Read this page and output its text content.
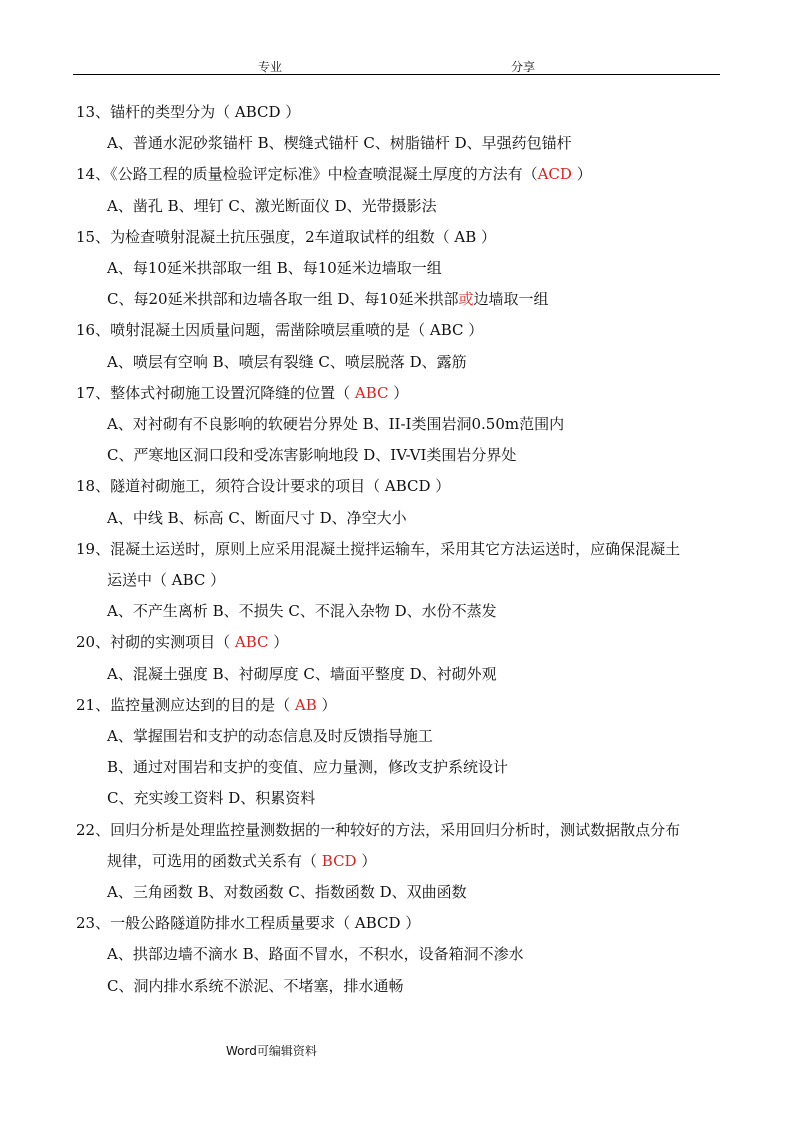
专业	分享
13、锚杆的类型分为（ ABCD ）
A、普通水泥砂浆锚杆 B、楔缝式锚杆 C、树脂锚杆 D、早强药包锚杆
14、《公路工程的质量检验评定标准》中检查喷混凝土厚度的方法有（ACD ）
A、凿孔 B、埋钉 C、激光断面仪 D、光带摄影法
15、为检查喷射混凝土抗压强度，2车道取试样的组数（ AB ）
A、每10延米拱部取一组 B、每10延米边墙取一组
C、每20延米拱部和边墙各取一组 D、每10延米拱部或边墙取一组
16、喷射混凝土因质量问题，需凿除喷层重喷的是（ ABC ）
A、喷层有空响 B、喷层有裂缝 C、喷层脱落 D、露筋
17、整体式衬砌施工设置沉降缝的位置（ ABC ）
A、对衬砌有不良影响的软硬岩分界处 B、II-I类围岩洞0.50m范围内
C、严寒地区洞口段和受冻害影响地段 D、IV-VI类围岩分界处
18、隧道衬砌施工，须符合设计要求的项目（ ABCD ）
A、中线 B、标高 C、断面尺寸 D、净空大小
19、混凝土运送时，原则上应采用混凝土搅拌运输车，采用其它方法运送时，应确保混凝土
运送中（ ABC ）
A、不产生离析 B、不损失 C、不混入杂物 D、水份不蒸发
20、衬砌的实测项目（ ABC ）
A、混凝土强度 B、衬砌厚度 C、墙面平整度 D、衬砌外观
21、监控量测应达到的目的是（ AB ）
A、掌握围岩和支护的动态信息及时反馈指导施工
B、通过对围岩和支护的变值、应力量测，修改支护系统设计
C、充实竣工资料 D、积累资料
22、回归分析是处理监控量测数据的一种较好的方法，采用回归分析时，测试数据散点分布
规律，可选用的函数式关系有（ BCD ）
A、三角函数 B、对数函数 C、指数函数 D、双曲函数
23、一般公路隧道防排水工程质量要求（ ABCD ）
A、拱部边墙不滴水 B、路面不冒水，不积水，设备箱洞不渗水
C、洞内排水系统不淤泥、不堵塞，排水通畅
Word可编辑资料
